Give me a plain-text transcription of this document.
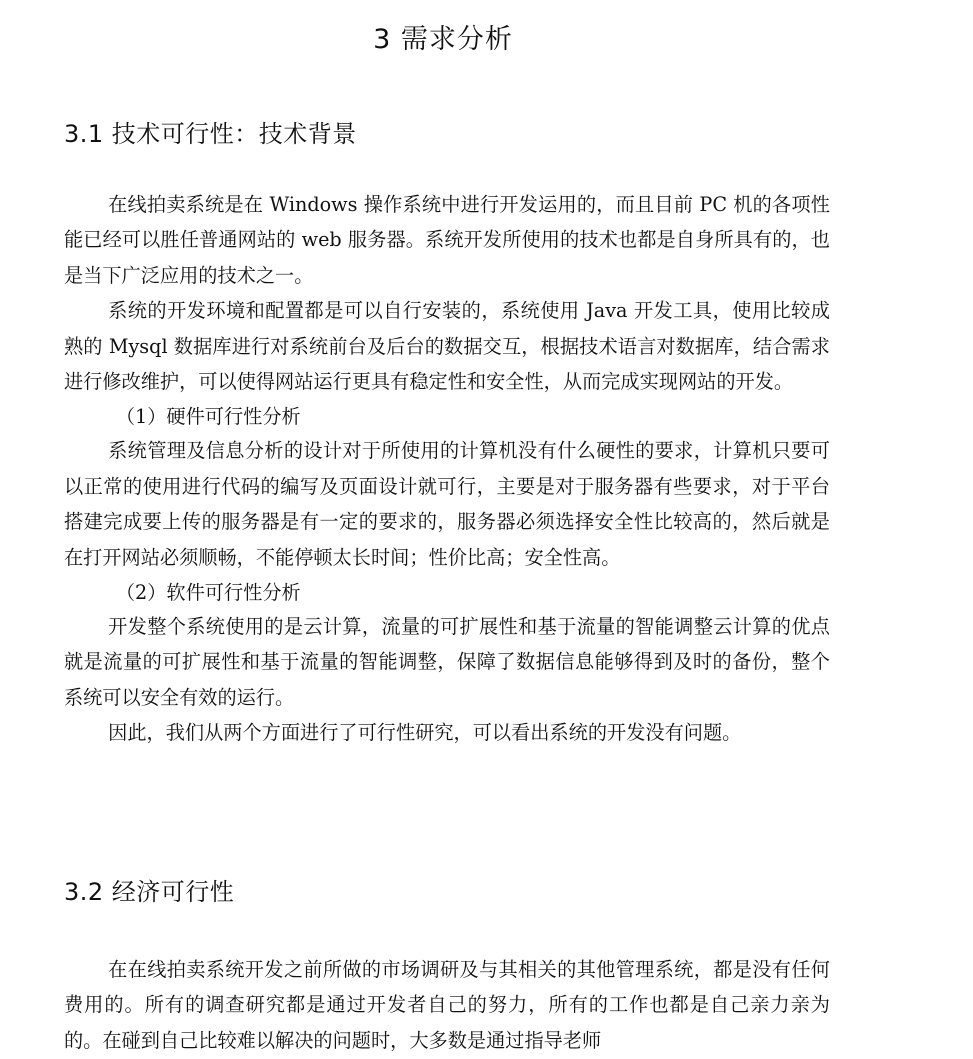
3 需求分析
3.1 技术可行性：技术背景

在线拍卖系统是在 Windows 操作系统中进行开发运用的，而且目前 PC 机的各项性能已经可以胜任普通网站的 web 服务器。系统开发所使用的技术也都是自身所具有的，也是当下广泛应用的技术之一。

系统的开发环境和配置都是可以自行安装的，系统使用 Java 开发工具，使用比较成熟的 Mysql 数据库进行对系统前台及后台的数据交互，根据技术语言对数据库，结合需求进行修改维护，可以使得网站运行更具有稳定性和安全性，从而完成实现网站的开发。

（1）硬件可行性分析

系统管理及信息分析的设计对于所使用的计算机没有什么硬性的要求，计算机只要可以正常的使用进行代码的编写及页面设计就可行，主要是对于服务器有些要求，对于平台搭建完成要上传的服务器是有一定的要求的，服务器必须选择安全性比较高的，然后就是在打开网站必须顺畅，不能停顿太长时间；性价比高；安全性高。

（2）软件可行性分析

开发整个系统使用的是云计算，流量的可扩展性和基于流量的智能调整云计算的优点就是流量的可扩展性和基于流量的智能调整，保障了数据信息能够得到及时的备份，整个系统可以安全有效的运行。

因此，我们从两个方面进行了可行性研究，可以看出系统的开发没有问题。

3.2 经济可行性

在在线拍卖系统开发之前所做的市场调研及与其相关的其他管理系统，都是没有任何费用的。所有的调查研究都是通过开发者自己的努力，所有的工作也都是自己亲力亲为的。在碰到自己比较难以解决的问题时，大多数是通过指导老师
